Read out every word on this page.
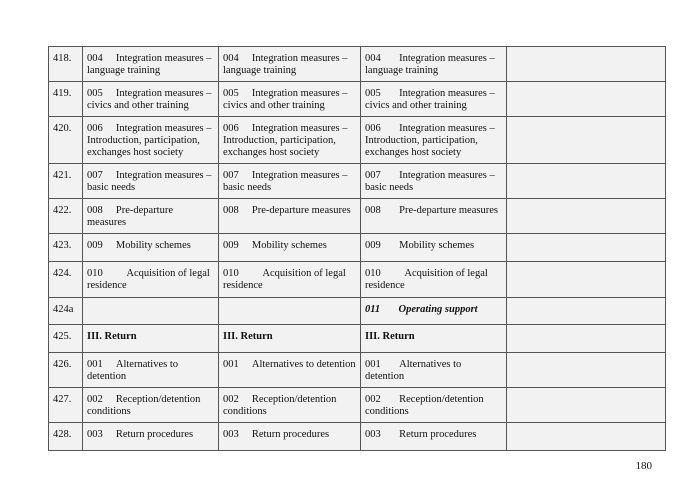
418.	004     Integration measures – language training	004     Integration measures – language training	004       Integration measures – language training	
419.	005     Integration measures – civics and other training	005     Integration measures – civics and other training	005       Integration measures – civics and other training	
420.	006     Integration measures – Introduction, participation, exchanges host society	006     Integration measures – Introduction, participation, exchanges host society	006       Integration measures – Introduction, participation, exchanges host society	
421.	007     Integration measures – basic needs	007     Integration measures – basic needs	007       Integration measures – basic needs	
422.	008     Pre-departure measures	008     Pre-departure measures	008       Pre-departure measures	
423.	009     Mobility schemes	009     Mobility schemes	009       Mobility schemes	
424.	010         Acquisition of legal residence	010         Acquisition of legal residence	010         Acquisition of legal residence	
424a			011       Operating support	
425.	III. Return	III. Return	III. Return	
426.	001     Alternatives to detention	001     Alternatives to detention	001       Alternatives to detention	
427.	002     Reception/detention conditions	002     Reception/detention conditions	002       Reception/detention conditions	
428.	003     Return procedures	003     Return procedures	003       Return procedures	
180
